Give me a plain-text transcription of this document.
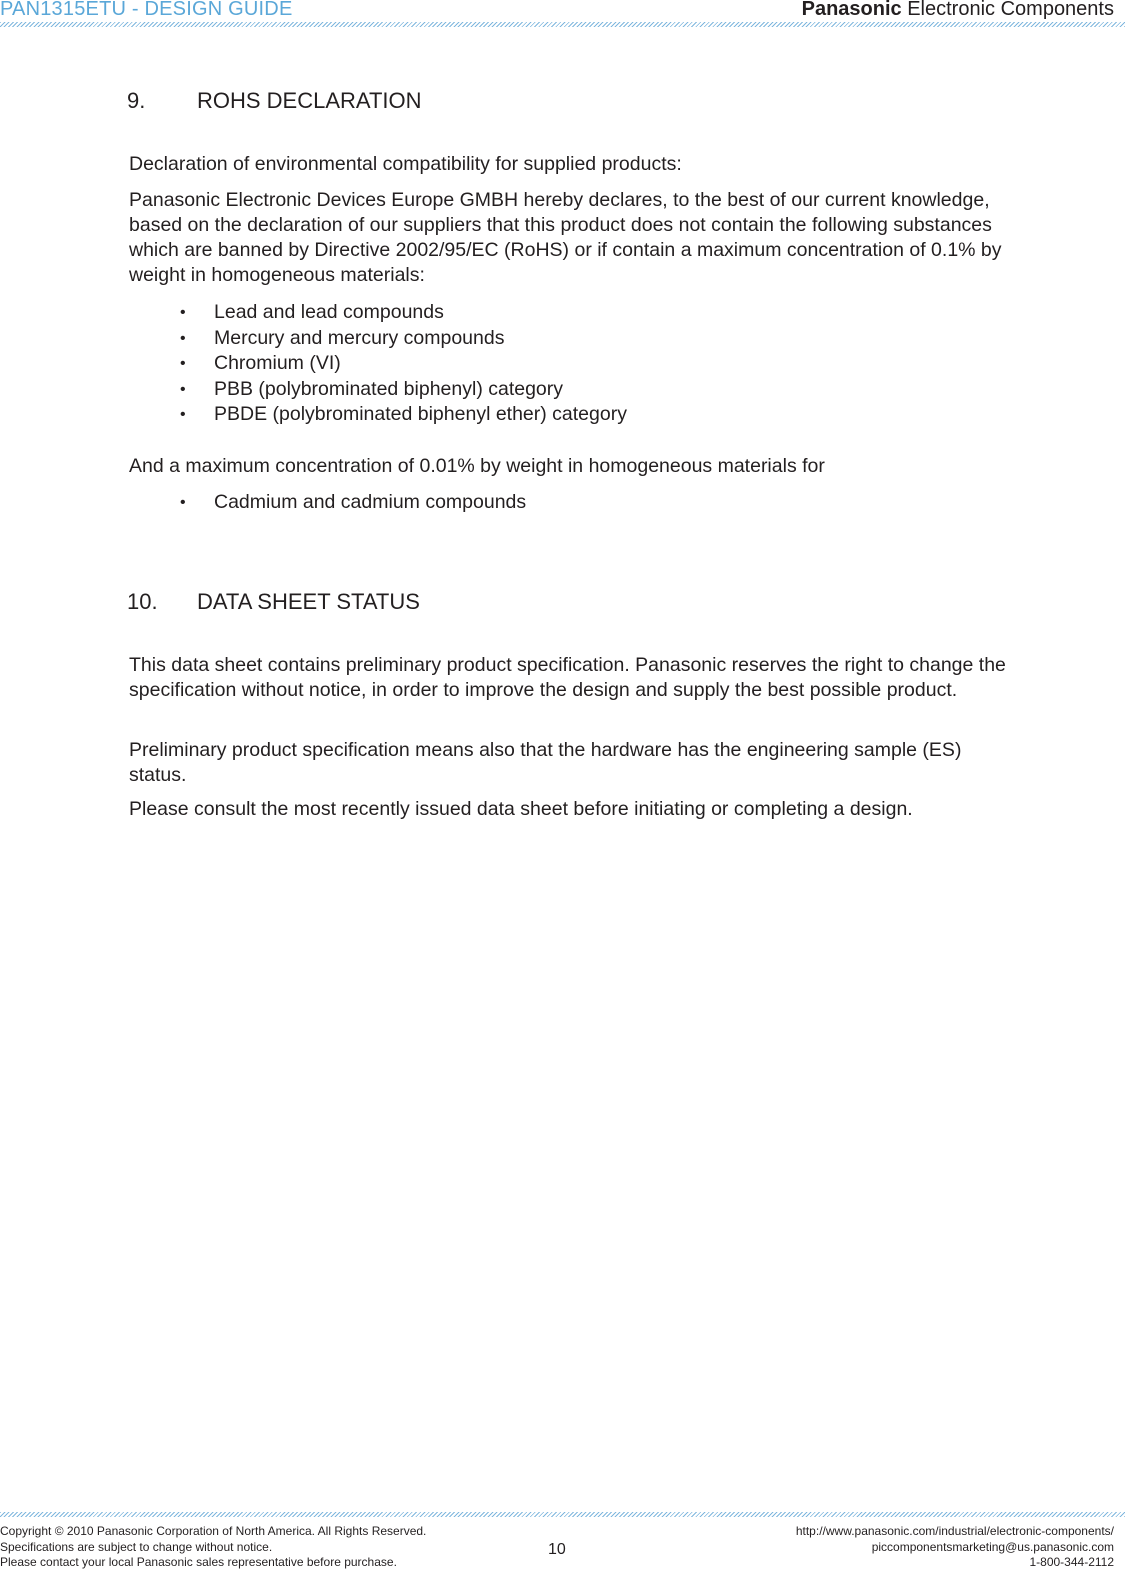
PAN1315ETU - DESIGN GUIDE	Panasonic Electronic Components
9. ROHS DECLARATION

Declaration of environmental compatibility for supplied products:

Panasonic Electronic Devices Europe GMBH hereby declares, to the best of our current knowledge, based on the declaration of our suppliers that this product does not contain the following substances which are banned by Directive 2002/95/EC (RoHS) or if contain a maximum concentration of 0.1% by weight in homogeneous materials:

• Lead and lead compounds
• Mercury and mercury compounds
• Chromium (VI)
• PBB (polybrominated biphenyl) category
• PBDE (polybrominated biphenyl ether) category

And a maximum concentration of 0.01% by weight in homogeneous materials for

• Cadmium and cadmium compounds
10. DATA SHEET STATUS

This data sheet contains preliminary product specification. Panasonic reserves the right to change the specification without notice, in order to improve the design and supply the best possible product.

Preliminary product specification means also that the hardware has the engineering sample (ES) status.

Please consult the most recently issued data sheet before initiating or completing a design.

Copyright © 2010 Panasonic Corporation of North America. All Rights Reserved.
Specifications are subject to change without notice.
Please contact your local Panasonic sales representative before purchase.
10
http://www.panasonic.com/industrial/electronic-components/
piccomponentsmarketing@us.panasonic.com
1-800-344-2112
